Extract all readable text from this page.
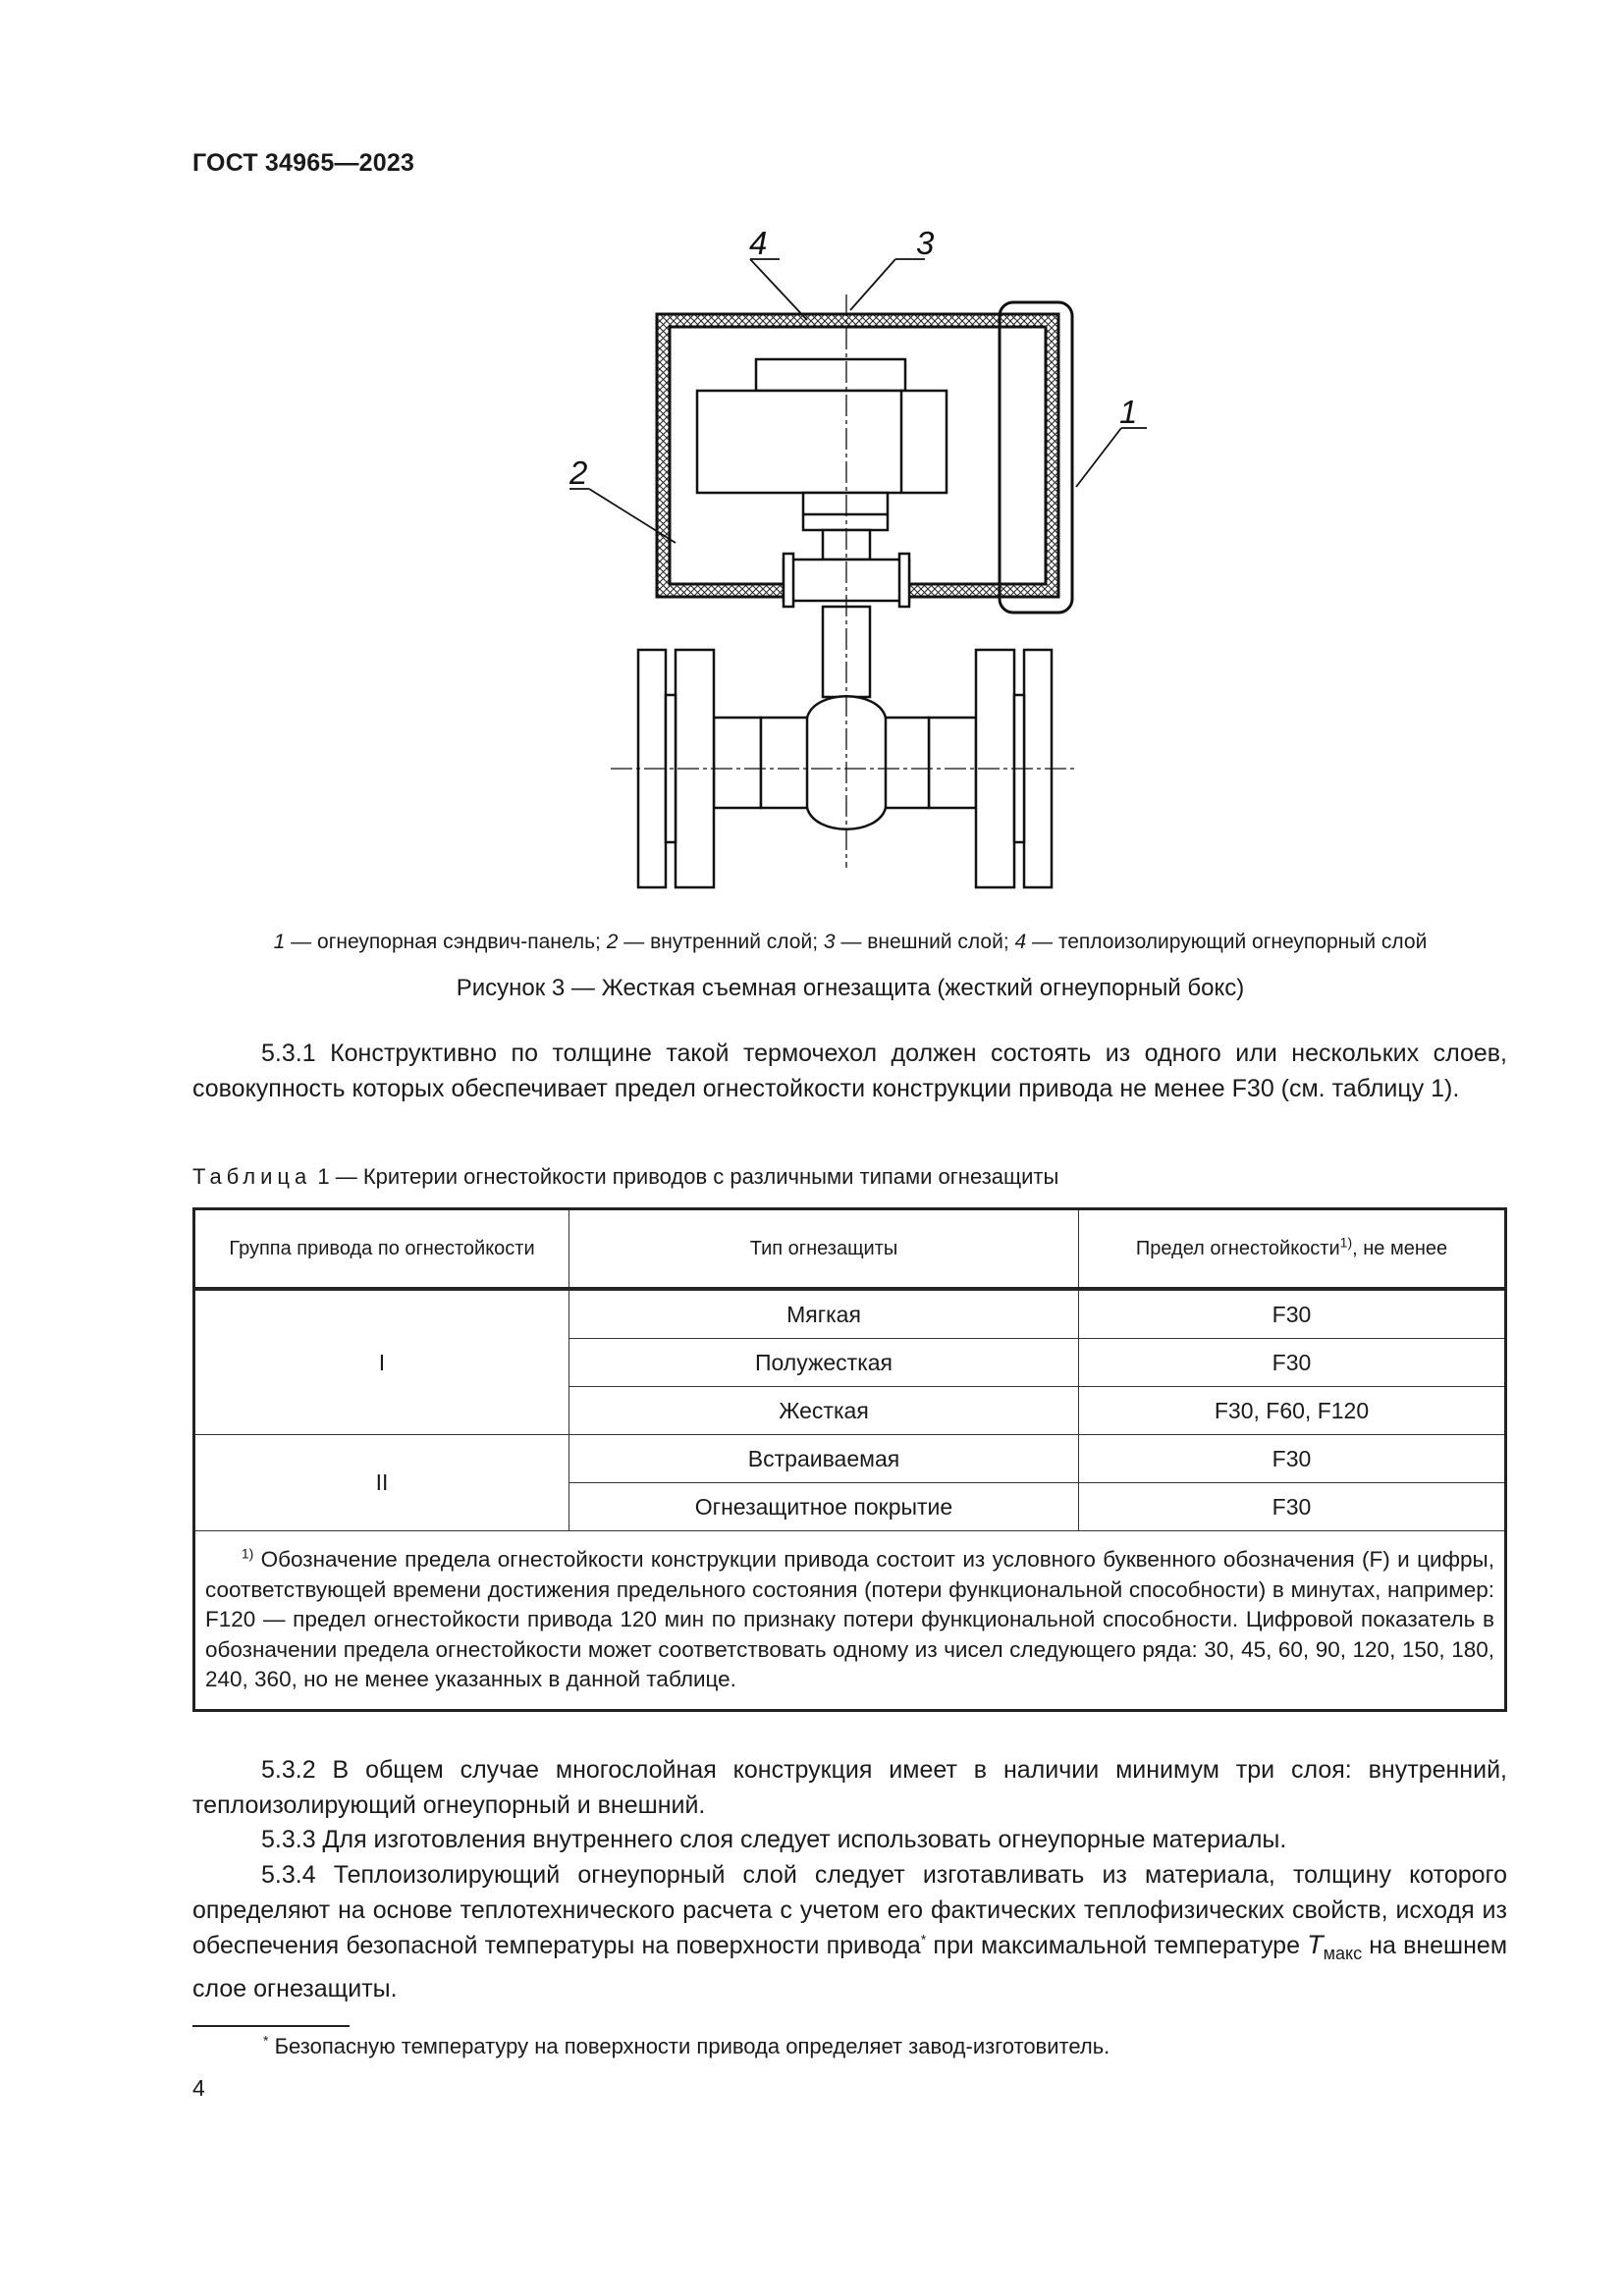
ГОСТ 34965—2023
4	3
2
1
1 — огнеупорная сэндвич-панель; 2 — внутренний слой; 3 — внешний слой; 4 — теплоизолирующий огнеупорный слой
Рисунок 3 — Жесткая съемная огнезащита (жесткий огнеупорный бокс)

5.3.1 Конструктивно по толщине такой термочехол должен состоять из одного или нескольких слоев, совокупность которых обеспечивает предел огнестойкости конструкции привода не менее F30 (см. таблицу 1).

Таблица 1 — Критерии огнестойкости приводов с различными типами огнезащиты
Группа привода по огнестойкости	Тип огнезащиты	Предел огнестойкости$^{1)}$, не менее

I	Мягкая	F30
	Полужесткая	F30
	Жесткая	F30, F60, F120
II	Встраиваемая	F30
	Огнезащитное покрытие	F30
$^{1)}$ Обозначение предела огнестойкости конструкции привода состоит из условного буквенного обозначения (F) и цифры, соответствующей времени достижения предельного состояния (потери функциональной способности) в минутах, например: F120 — предел огнестойкости привода 120 мин по признаку потери функциональной способности. Цифровой показатель в обозначении предела огнестойкости может соответствовать одному из чисел следующего ряда: 30, 45, 60, 90, 120, 150, 180, 240, 360, но не менее указанных в данной таблице.		

5.3.2 В общем случае многослойная конструкция имеет в наличии минимум три слоя: внутренний, теплоизолирующий огнеупорный и внешний.

5.3.3 Для изготовления внутреннего слоя следует использовать огнеупорные материалы.

5.3.4 Теплоизолирующий огнеупорный слой следует изготавливать из материала, толщину которого определяют на основе теплотехнического расчета с учетом его фактических теплофизических свойств, исходя из обеспечения безопасной температуры на поверхности привода* при максимальной температуре $T_{макс}$ на внешнем слое огнезащиты.

* Безопасную температуру на поверхности привода определяет завод-изготовитель.
4
